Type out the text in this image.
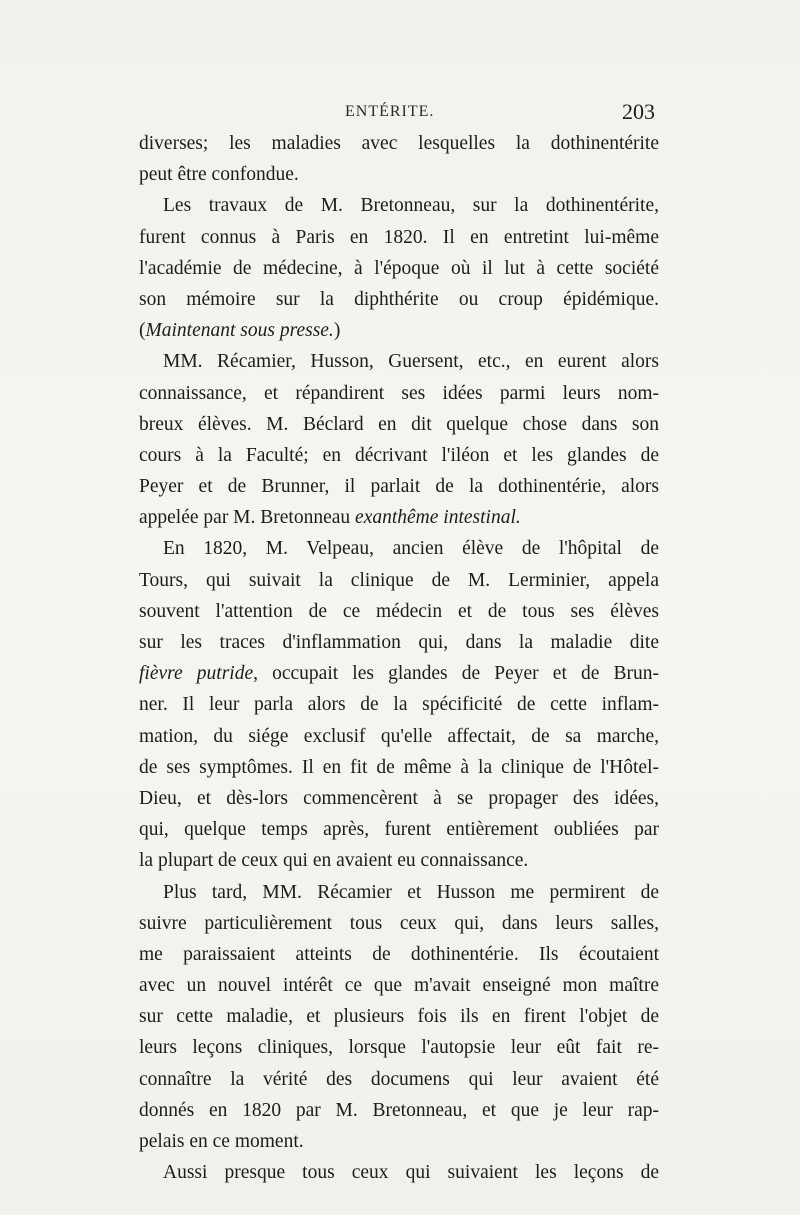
ENTÉRITE.	203
diverses; les maladies avec lesquelles la dothinentérite
peut être confondue.
Les travaux de M. Bretonneau, sur la dothinentérite,
furent connus à Paris en 1820. Il en entretint lui-même
l'académie de médecine, à l'époque où il lut à cette société
son mémoire sur la diphthérite ou croup épidémique.
(Maintenant sous presse.)
MM. Récamier, Husson, Guersent, etc., en eurent alors
connaissance, et répandirent ses idées parmi leurs nom-
breux élèves. M. Béclard en dit quelque chose dans son
cours à la Faculté; en décrivant l'iléon et les glandes de
Peyer et de Brunner, il parlait de la dothinentérie, alors
appelée par M. Bretonneau exanthême intestinal.
En 1820, M. Velpeau, ancien élève de l'hôpital de
Tours, qui suivait la clinique de M. Lerminier, appela
souvent l'attention de ce médecin et de tous ses élèves
sur les traces d'inflammation qui, dans la maladie dite
fièvre putride, occupait les glandes de Peyer et de Brun-
ner. Il leur parla alors de la spécificité de cette inflam-
mation, du siége exclusif qu'elle affectait, de sa marche,
de ses symptômes. Il en fit de même à la clinique de l'Hôtel-
Dieu, et dès-lors commencèrent à se propager des idées,
qui, quelque temps après, furent entièrement oubliées par
la plupart de ceux qui en avaient eu connaissance.
Plus tard, MM. Récamier et Husson me permirent de
suivre particulièrement tous ceux qui, dans leurs salles,
me paraissaient atteints de dothinentérie. Ils écoutaient
avec un nouvel intérêt ce que m'avait enseigné mon maître
sur cette maladie, et plusieurs fois ils en firent l'objet de
leurs leçons cliniques, lorsque l'autopsie leur eût fait re-
connaître la vérité des documens qui leur avaient été
donnés en 1820 par M. Bretonneau, et que je leur rap-
pelais en ce moment.
Aussi presque tous ceux qui suivaient les leçons de
